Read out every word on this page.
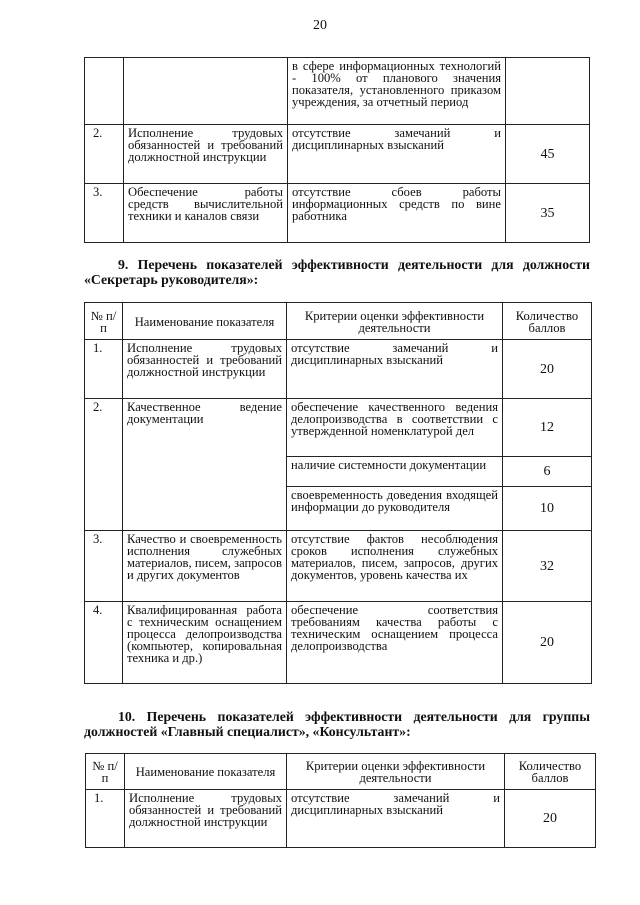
20
		в сфере информационных технологий - 100% от планового значения показателя, установленного приказом учреждения, за отчетный период	
2.	Исполнение трудовых обязанностей и требований должностной инструкции	отсутствие замечаний и дисциплинарных взысканий	45
3.	Обеспечение работы средств вычислительной техники и каналов связи	отсутствие сбоев работы информационных средств по вине работника	35
9. Перечень показателей эффективности деятельности для должности «Секретарь руководителя»:
№ п/п	Наименование показателя	Критерии оценки эффективности деятельности	Количество баллов
1.	Исполнение трудовых обязанностей и требований должностной инструкции	отсутствие замечаний и дисциплинарных взысканий	20
2.	Качественное ведение документации	обеспечение качественного ведения делопроизводства в соответствии с утвержденной номенклатурой дел	12
		наличие системности документации	6
		своевременность доведения входящей информации до руководителя	10
3.	Качество и своевременность исполнения служебных материалов, писем, запросов и других документов	отсутствие фактов несоблюдения сроков исполнения служебных материалов, писем, запросов, других документов, уровень качества их	32
4.	Квалифицированная работа с техническим оснащением процесса делопроизводства (компьютер, копировальная техника и др.)	обеспечение соответствия требованиям качества работы с техническим оснащением процесса делопроизводства	20
10. Перечень показателей эффективности деятельности для группы должностей «Главный специалист», «Консультант»:
№ п/п	Наименование показателя	Критерии оценки эффективности деятельности	Количество баллов
1.	Исполнение трудовых обязанностей и требований должностной инструкции	отсутствие замечаний и дисциплинарных взысканий	20
